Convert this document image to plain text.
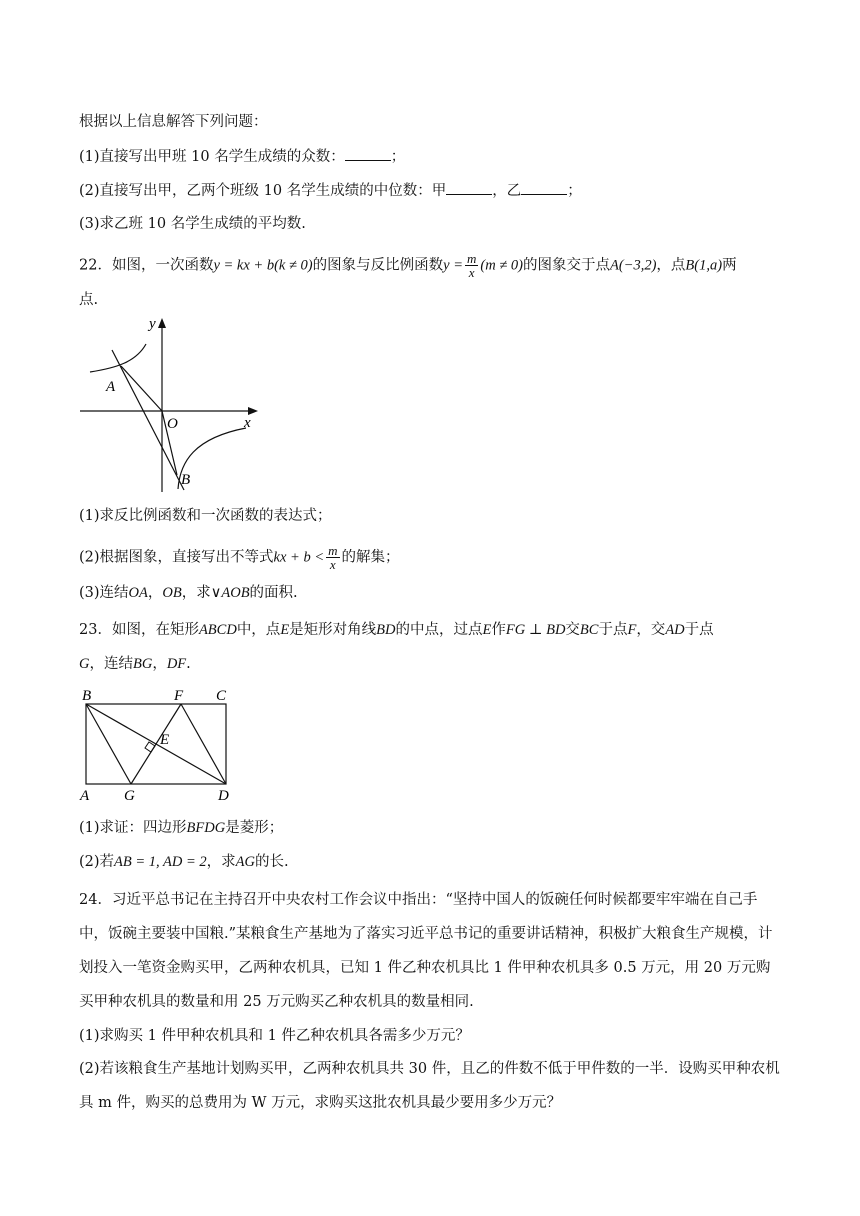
根据以上信息解答下列问题：
(1)直接写出甲班 10 名学生成绩的众数：	；
(2)直接写出甲，乙两个班级 10 名学生成绩的中位数：甲	，乙	；
(3)求乙班 10 名学生成绩的平均数.
22．如图，一次函数y = kx + b(k ≠ 0)的图象与反比例函数$y = \frac{m}{x} (m \ne 0)$的图象交于点A(−3,2)，点B(1,a)两
点.
y
x
O
A
B
(1)求反比例函数和一次函数的表达式；
(2)根据图象，直接写出不等式kx + $b < \frac{m}{x}$ 的解集；
(3)连结OA，OB，求∨AOB的面积.
23．如图，在矩形ABCD中，点E是矩形对角线BD的中点，过点E作FG ⊥ BD交BC于点F，交AD于点
G，连结BG，DF.
B	F C
E
A G	D
(1)求证：四边形BFDG是菱形；
(2)若AB = 1, AD = 2，求AG的长.
24．习近平总书记在主持召开中央农村工作会议中指出：“坚持中国人的饭碗任何时候都要牢牢端在自己手中，饭碗主要装中国粮.”某粮食生产基地为了落实习近平总书记的重要讲话精神，积极扩大粮食生产规模，计划投入一笔资金购买甲，乙两种农机具，已知 1 件乙种农机具比 1 件甲种农机具多 0.5 万元，用 20 万元购买甲种农机具的数量和用 25 万元购买乙种农机具的数量相同.
(1)求购买 1 件甲种农机具和 1 件乙种农机具各需多少万元？
(2)若该粮食生产基地计划购买甲，乙两种农机具共 30 件，且乙的件数不低于甲件数的一半．设购买甲种农机具 m 件，购买的总费用为 W 万元，求购买这批农机具最少要用多少万元？
